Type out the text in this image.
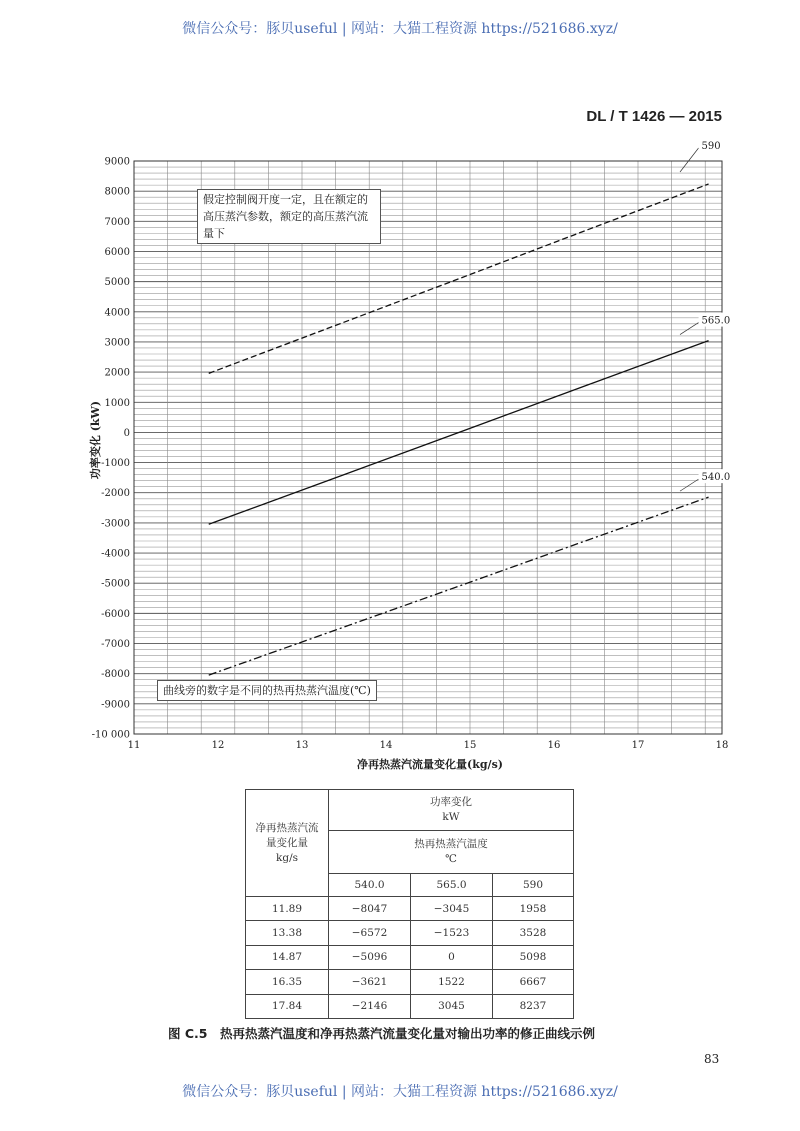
微信公众号：豚贝useful | 网站：大猫工程资源 https://521686.xyz/
DL / T 1426 — 2015
9000
8000
7000
6000
5000
4000
3000
2000
1000
0
-1000
-2000
-3000
-4000
-5000
-6000
-7000
-8000
-9000
-10 000
11	12	13	14	15	16	17	18
590
565.0
540.0
假定控制阀开度一定，且在额定的高压蒸汽参数，额定的高压蒸汽流量下
曲线旁的数字是不同的热再热蒸汽温度(℃)
净再热蒸汽流量变化量(kg/s)
功率变化 (kW)
净再热蒸汽流
量变化量
kg/s	功率变化
kW		
	热再热蒸汽温度
℃		
	540.0	565.0	590
11.89	−8047	−3045	1958
13.38	−6572	−1523	3528
14.87	−5096	0	5098
16.35	−3621	1522	6667
17.84	−2146	3045	8237
图 C.5　热再热蒸汽温度和净再热蒸汽流量变化量对输出功率的修正曲线示例
83
微信公众号：豚贝useful | 网站：大猫工程资源 https://521686.xyz/
